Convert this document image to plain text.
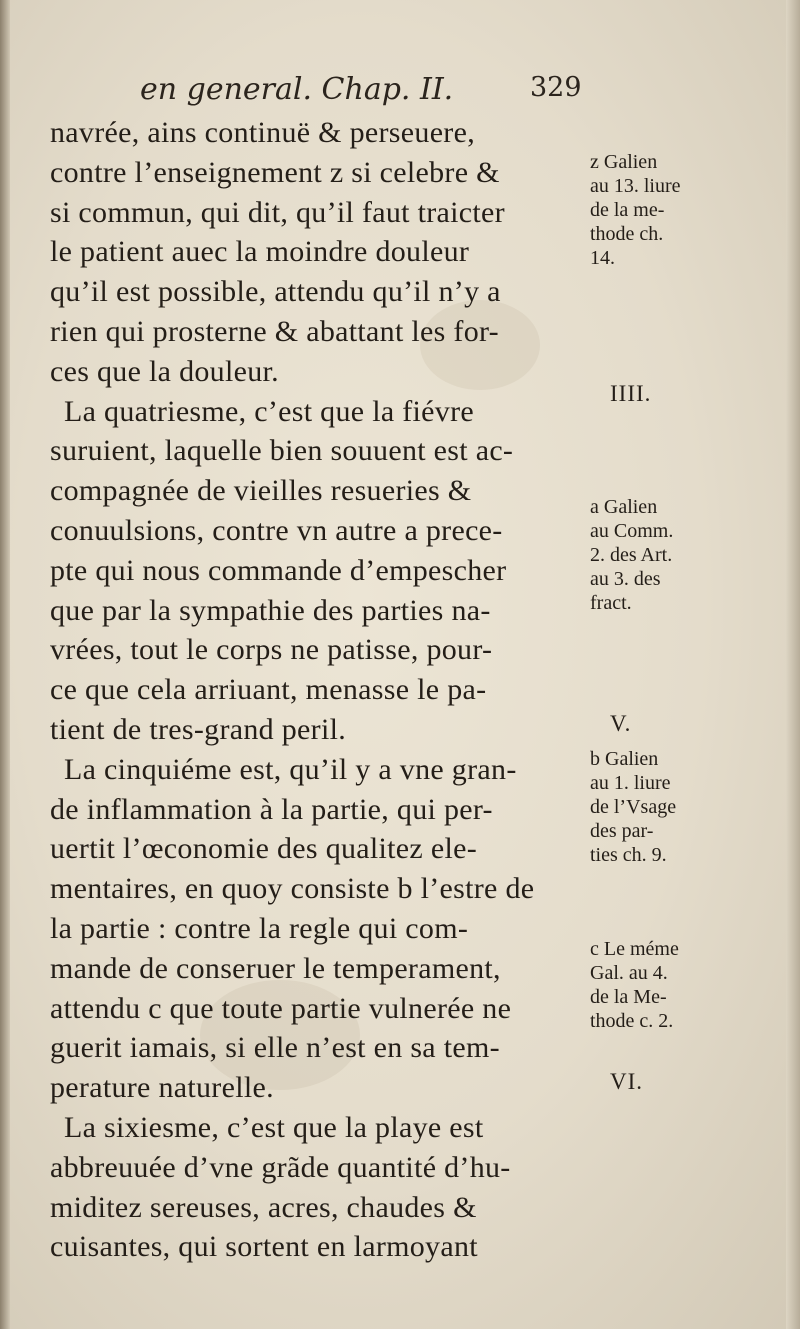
en general. Chap. II.	329
navrée, ains continuë & perseuere,
contre l’enseignement z si celebre &
si commun, qui dit, qu’il faut traicter
le patient auec la moindre douleur
qu’il est possible, attendu qu’il n’y a
rien qui prosterne & abattant les for-
ces que la douleur.
La quatriesme, c’est que la fiévre
suruient, laquelle bien souuent est ac-
compagnée de vieilles resueries &
conuulsions, contre vn autre a prece-
pte qui nous commande d’empescher
que par la sympathie des parties na-
vrées, tout le corps ne patisse, pour-
ce que cela arriuant, menasse le pa-
tient de tres-grand peril.
La cinquiéme est, qu’il y a vne gran-
de inflammation à la partie, qui per-
uertit l’œconomie des qualitez ele-
mentaires, en quoy consiste b l’estre de
la partie : contre la regle qui com-
mande de conseruer le temperament,
attendu c que toute partie vulnerée ne
guerit iamais, si elle n’est en sa tem-
perature naturelle.
La sixiesme, c’est que la playe est
abbreuuée d’vne grãde quantité d’hu-
miditez sereuses, acres, chaudes &
cuisantes, qui sortent en larmoyant
z Galien
au 13. liure
de la me-
thode ch.
14.
IIII.
a Galien
au Comm.
2. des Art.
au 3. des
fract.
V.
b Galien
au 1. liure
de l’Vsage
des par-
ties ch. 9.
c Le méme
Gal. au 4.
de la Me-
thode c. 2.
VI.
